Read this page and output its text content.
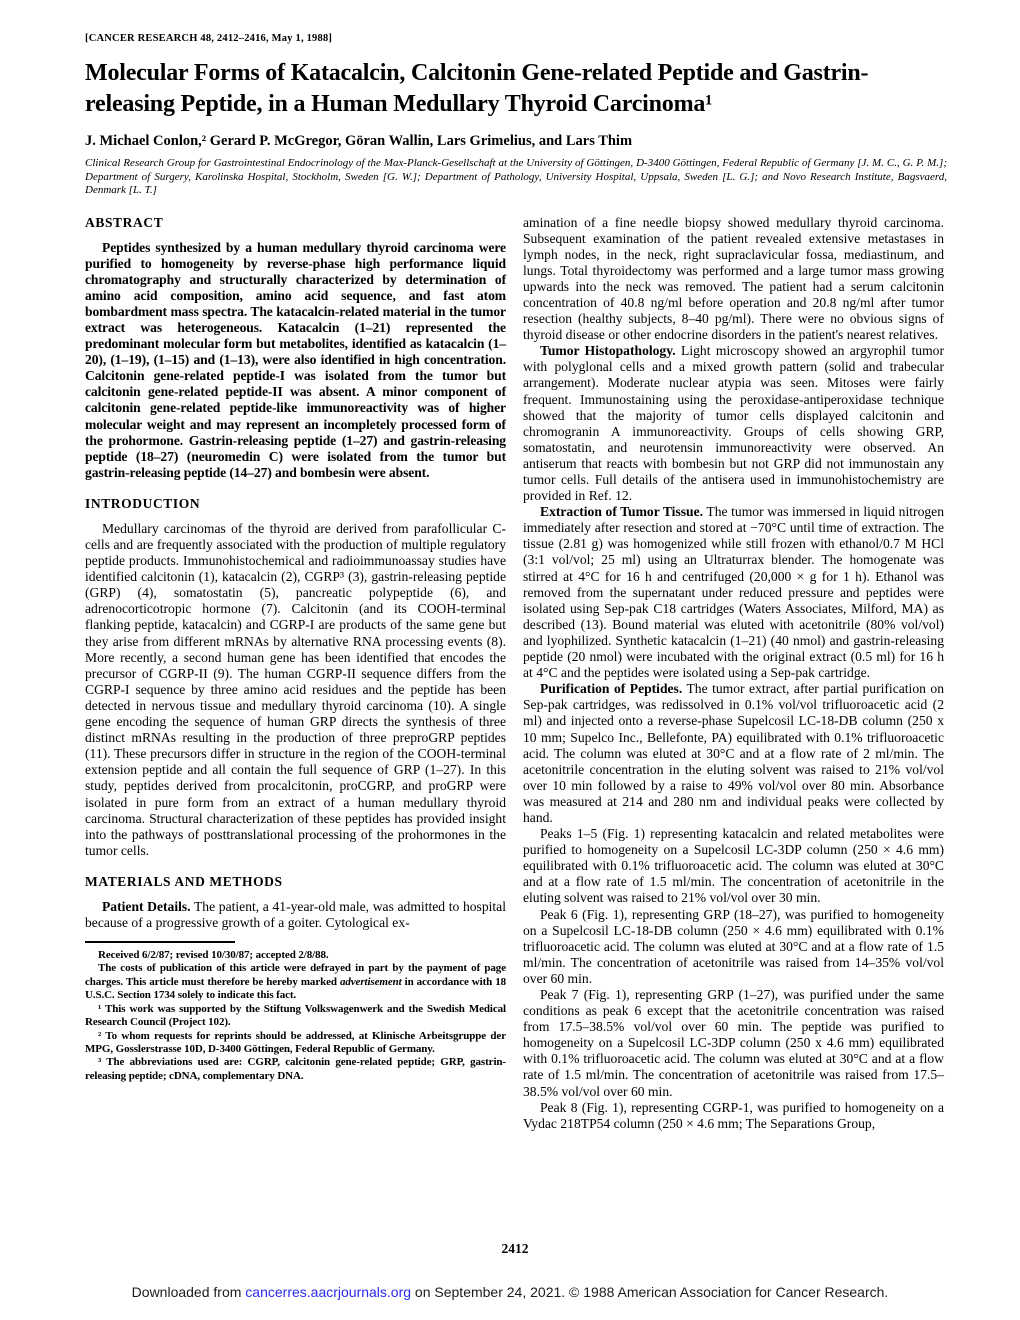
[CANCER RESEARCH 48, 2412–2416, May 1, 1988]
Molecular Forms of Katacalcin, Calcitonin Gene-related Peptide and Gastrin-
releasing Peptide, in a Human Medullary Thyroid Carcinoma¹
J. Michael Conlon,² Gerard P. McGregor, Göran Wallin, Lars Grimelius, and Lars Thim
Clinical Research Group for Gastrointestinal Endocrinology of the Max-Planck-Gesellschaft at the University of Göttingen, D-3400 Göttingen, Federal Republic of Germany [J. M. C., G. P. M.]; Department of Surgery, Karolinska Hospital, Stockholm, Sweden [G. W.]; Department of Pathology, University Hospital, Uppsala, Sweden [L. G.]; and Novo Research Institute, Bagsvaerd, Denmark [L. T.]
ABSTRACT

Peptides synthesized by a human medullary thyroid carcinoma were purified to homogeneity by reverse-phase high performance liquid chromatography and structurally characterized by determination of amino acid composition, amino acid sequence, and fast atom bombardment mass spectra. The katacalcin-related material in the tumor extract was heterogeneous. Katacalcin (1–21) represented the predominant molecular form but metabolites, identified as katacalcin (1–20), (1–19), (1–15) and (1–13), were also identified in high concentration. Calcitonin gene-related peptide-I was isolated from the tumor but calcitonin gene-related peptide-II was absent. A minor component of calcitonin gene-related peptide-like immunoreactivity was of higher molecular weight and may represent an incompletely processed form of the prohormone. Gastrin-releasing peptide (1–27) and gastrin-releasing peptide (18–27) (neuromedin C) were isolated from the tumor but gastrin-releasing peptide (14–27) and bombesin were absent.

INTRODUCTION

Medullary carcinomas of the thyroid are derived from parafollicular C-cells and are frequently associated with the production of multiple regulatory peptide products. Immunohistochemical and radioimmunoassay studies have identified calcitonin (1), katacalcin (2), CGRP³ (3), gastrin-releasing peptide (GRP) (4), somatostatin (5), pancreatic polypeptide (6), and adrenocorticotropic hormone (7). Calcitonin (and its COOH-terminal flanking peptide, katacalcin) and CGRP-I are products of the same gene but they arise from different mRNAs by alternative RNA processing events (8). More recently, a second human gene has been identified that encodes the precursor of CGRP-II (9). The human CGRP-II sequence differs from the CGRP-I sequence by three amino acid residues and the peptide has been detected in nervous tissue and medullary thyroid carcinoma (10). A single gene encoding the sequence of human GRP directs the synthesis of three distinct mRNAs resulting in the production of three preproGRP peptides (11). These precursors differ in structure in the region of the COOH-terminal extension peptide and all contain the full sequence of GRP (1–27). In this study, peptides derived from procalcitonin, proCGRP, and proGRP were isolated in pure form from an extract of a human medullary thyroid carcinoma. Structural characterization of these peptides has provided insight into the pathways of posttranslational processing of the prohormones in the tumor cells.

MATERIALS AND METHODS

Patient Details. The patient, a 41-year-old male, was admitted to hospital because of a progressive growth of a goiter. Cytological ex-

Received 6/2/87; revised 10/30/87; accepted 2/8/88.

The costs of publication of this article were defrayed in part by the payment of page charges. This article must therefore be hereby marked advertisement in accordance with 18 U.S.C. Section 1734 solely to indicate this fact.

¹ This work was supported by the Stiftung Volkswagenwerk and the Swedish Medical Research Council (Project 102).

² To whom requests for reprints should be addressed, at Klinische Arbeitsgruppe der MPG, Gosslerstrasse 10D, D-3400 Göttingen, Federal Republic of Germany.

³ The abbreviations used are: CGRP, calcitonin gene-related peptide; GRP, gastrin-releasing peptide; cDNA, complementary DNA.

amination of a fine needle biopsy showed medullary thyroid carcinoma. Subsequent examination of the patient revealed extensive metastases in lymph nodes, in the neck, right supraclavicular fossa, mediastinum, and lungs. Total thyroidectomy was performed and a large tumor mass growing upwards into the neck was removed. The patient had a serum calcitonin concentration of 40.8 ng/ml before operation and 20.8 ng/ml after tumor resection (healthy subjects, 8–40 pg/ml). There were no obvious signs of thyroid disease or other endocrine disorders in the patient's nearest relatives.

Tumor Histopathology. Light microscopy showed an argyrophil tumor with polyglonal cells and a mixed growth pattern (solid and trabecular arrangement). Moderate nuclear atypia was seen. Mitoses were fairly frequent. Immunostaining using the peroxidase-antiperoxidase technique showed that the majority of tumor cells displayed calcitonin and chromogranin A immunoreactivity. Groups of cells showing GRP, somatostatin, and neurotensin immunoreactivity were observed. An antiserum that reacts with bombesin but not GRP did not immunostain any tumor cells. Full details of the antisera used in immunohistochemistry are provided in Ref. 12.

Extraction of Tumor Tissue. The tumor was immersed in liquid nitrogen immediately after resection and stored at −70°C until time of extraction. The tissue (2.81 g) was homogenized while still frozen with ethanol/0.7 M HCl (3:1 vol/vol; 25 ml) using an Ultraturrax blender. The homogenate was stirred at 4°C for 16 h and centrifuged (20,000 × g for 1 h). Ethanol was removed from the supernatant under reduced pressure and peptides were isolated using Sep-pak C18 cartridges (Waters Associates, Milford, MA) as described (13). Bound material was eluted with acetonitrile (80% vol/vol) and lyophilized. Synthetic katacalcin (1–21) (40 nmol) and gastrin-releasing peptide (20 nmol) were incubated with the original extract (0.5 ml) for 16 h at 4°C and the peptides were isolated using a Sep-pak cartridge.

Purification of Peptides. The tumor extract, after partial purification on Sep-pak cartridges, was redissolved in 0.1% vol/vol trifluoroacetic acid (2 ml) and injected onto a reverse-phase Supelcosil LC-18-DB column (250 x 10 mm; Supelco Inc., Bellefonte, PA) equilibrated with 0.1% trifluoroacetic acid. The column was eluted at 30°C and at a flow rate of 2 ml/min. The acetonitrile concentration in the eluting solvent was raised to 21% vol/vol over 10 min followed by a raise to 49% vol/vol over 80 min. Absorbance was measured at 214 and 280 nm and individual peaks were collected by hand.

Peaks 1–5 (Fig. 1) representing katacalcin and related metabolites were purified to homogeneity on a Supelcosil LC-3DP column (250 × 4.6 mm) equilibrated with 0.1% trifluoroacetic acid. The column was eluted at 30°C and at a flow rate of 1.5 ml/min. The concentration of acetonitrile in the eluting solvent was raised to 21% vol/vol over 30 min.

Peak 6 (Fig. 1), representing GRP (18–27), was purified to homogeneity on a Supelcosil LC-18-DB column (250 × 4.6 mm) equilibrated with 0.1% trifluoroacetic acid. The column was eluted at 30°C and at a flow rate of 1.5 ml/min. The concentration of acetonitrile was raised from 14–35% vol/vol over 60 min.

Peak 7 (Fig. 1), representing GRP (1–27), was purified under the same conditions as peak 6 except that the acetonitrile concentration was raised from 17.5–38.5% vol/vol over 60 min. The peptide was purified to homogeneity on a Supelcosil LC-3DP column (250 x 4.6 mm) equilibrated with 0.1% trifluoroacetic acid. The column was eluted at 30°C and at a flow rate of 1.5 ml/min. The concentration of acetonitrile was raised from 17.5–38.5% vol/vol over 60 min.

Peak 8 (Fig. 1), representing CGRP-1, was purified to homogeneity on a Vydac 218TP54 column (250 × 4.6 mm; The Separations Group,

2412
Downloaded from cancerres.aacrjournals.org on September 24, 2021. © 1988 American Association for Cancer Research.
